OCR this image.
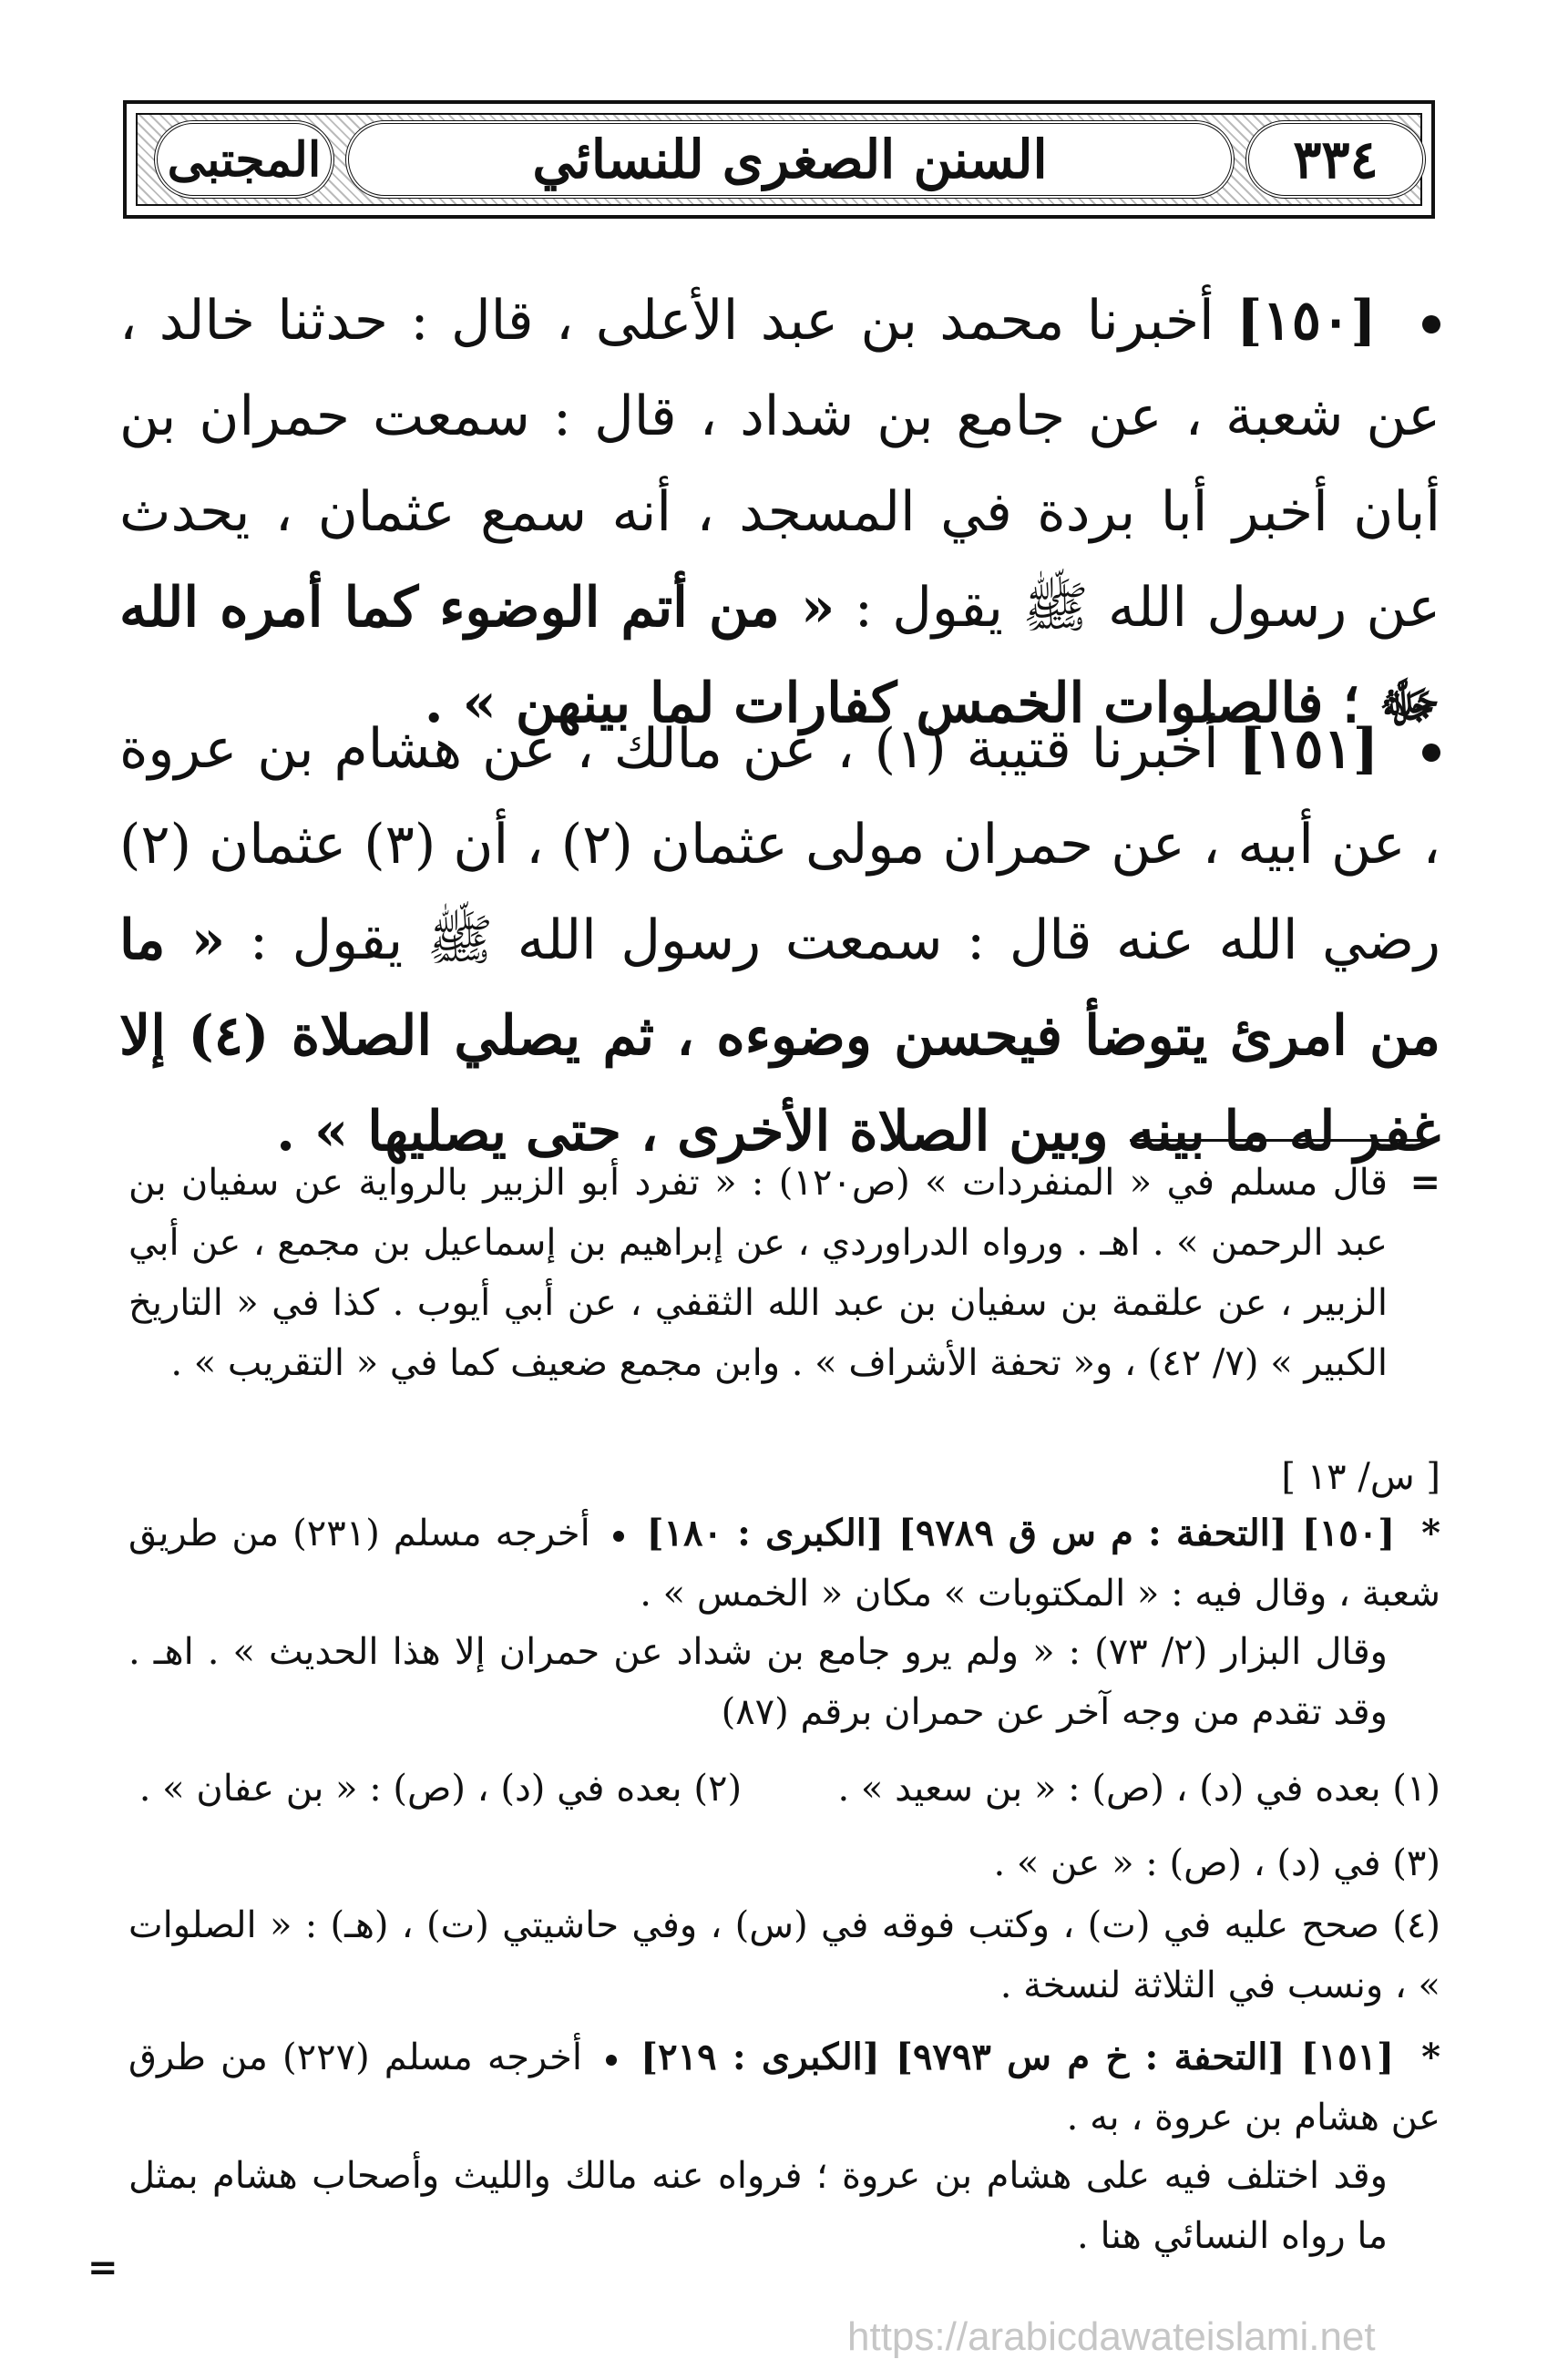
المجتبى	السنن الصغرى للنسائي	٣٣٤
[١٥٠] أخبرنا محمد بن عبد الأعلى ، قال : حدثنا خالد ، عن شعبة ، عن جامع بن شداد ، قال : سمعت حمران بن أبان أخبر أبا بردة في المسجد ، أنه سمع عثمان ، يحدث عن رسول الله ﷺ يقول : « من أتم الوضوء كما أمره الله ﷻ ؛ فالصلوات الخمس كفارات لما بينهن » .
[١٥١] أخبرنا قتيبة (١) ، عن مالك ، عن هشام بن عروة ، عن أبيه ، عن حمران مولى عثمان (٢) ، أن (٣) عثمان (٢) رضي الله عنه قال : سمعت رسول الله ﷺ يقول : « ما من امرئ يتوضأ فيحسن وضوءه ، ثم يصلي الصلاة (٤) إلا غفر له ما بينه وبين الصلاة الأخرى ، حتى يصليها » .
=
قال مسلم في « المنفردات » (ص١٢٠) : « تفرد أبو الزبير بالرواية عن سفيان بن عبد الرحمن » . اهـ . ورواه الدراوردي ، عن إبراهيم بن إسماعيل بن مجمع ، عن أبي الزبير ، عن علقمة بن سفيان بن عبد الله الثقفي ، عن أبي أيوب . كذا في « التاريخ الكبير » (٧/ ٤٢) ، و« تحفة الأشراف » . وابن مجمع ضعيف كما في « التقريب » .
[ س/ ١٣ ]
* [١٥٠] [التحفة : م س ق ٩٧٨٩] [الكبرى : ١٨٠]  أخرجه مسلم (٢٣١) من طريق شعبة ، وقال فيه : « المكتوبات » مكان « الخمس » .
وقال البزار (٢/ ٧٣) : « ولم يرو جامع بن شداد عن حمران إلا هذا الحديث » . اهـ . وقد تقدم من وجه آخر عن حمران برقم (٨٧)
(١) بعده في (د) ، (ص) : « بن سعيد » .  (٢) بعده في (د) ، (ص) : « بن عفان » .
(٣) في (د) ، (ص) : « عن » .
(٤) صحح عليه في (ت) ، وكتب فوقه في (س) ، وفي حاشيتي (ت) ، (هـ) : « الصلوات » ، ونسب في الثلاثة لنسخة .
* [١٥١] [التحفة : خ م س ٩٧٩٣] [الكبرى : ٢١٩]  أخرجه مسلم (٢٢٧) من طرق عن هشام بن عروة ، به .
وقد اختلف فيه على هشام بن عروة ؛ فرواه عنه مالك والليث وأصحاب هشام بمثل ما رواه النسائي هنا .
=
https://arabicdawateislami.net
